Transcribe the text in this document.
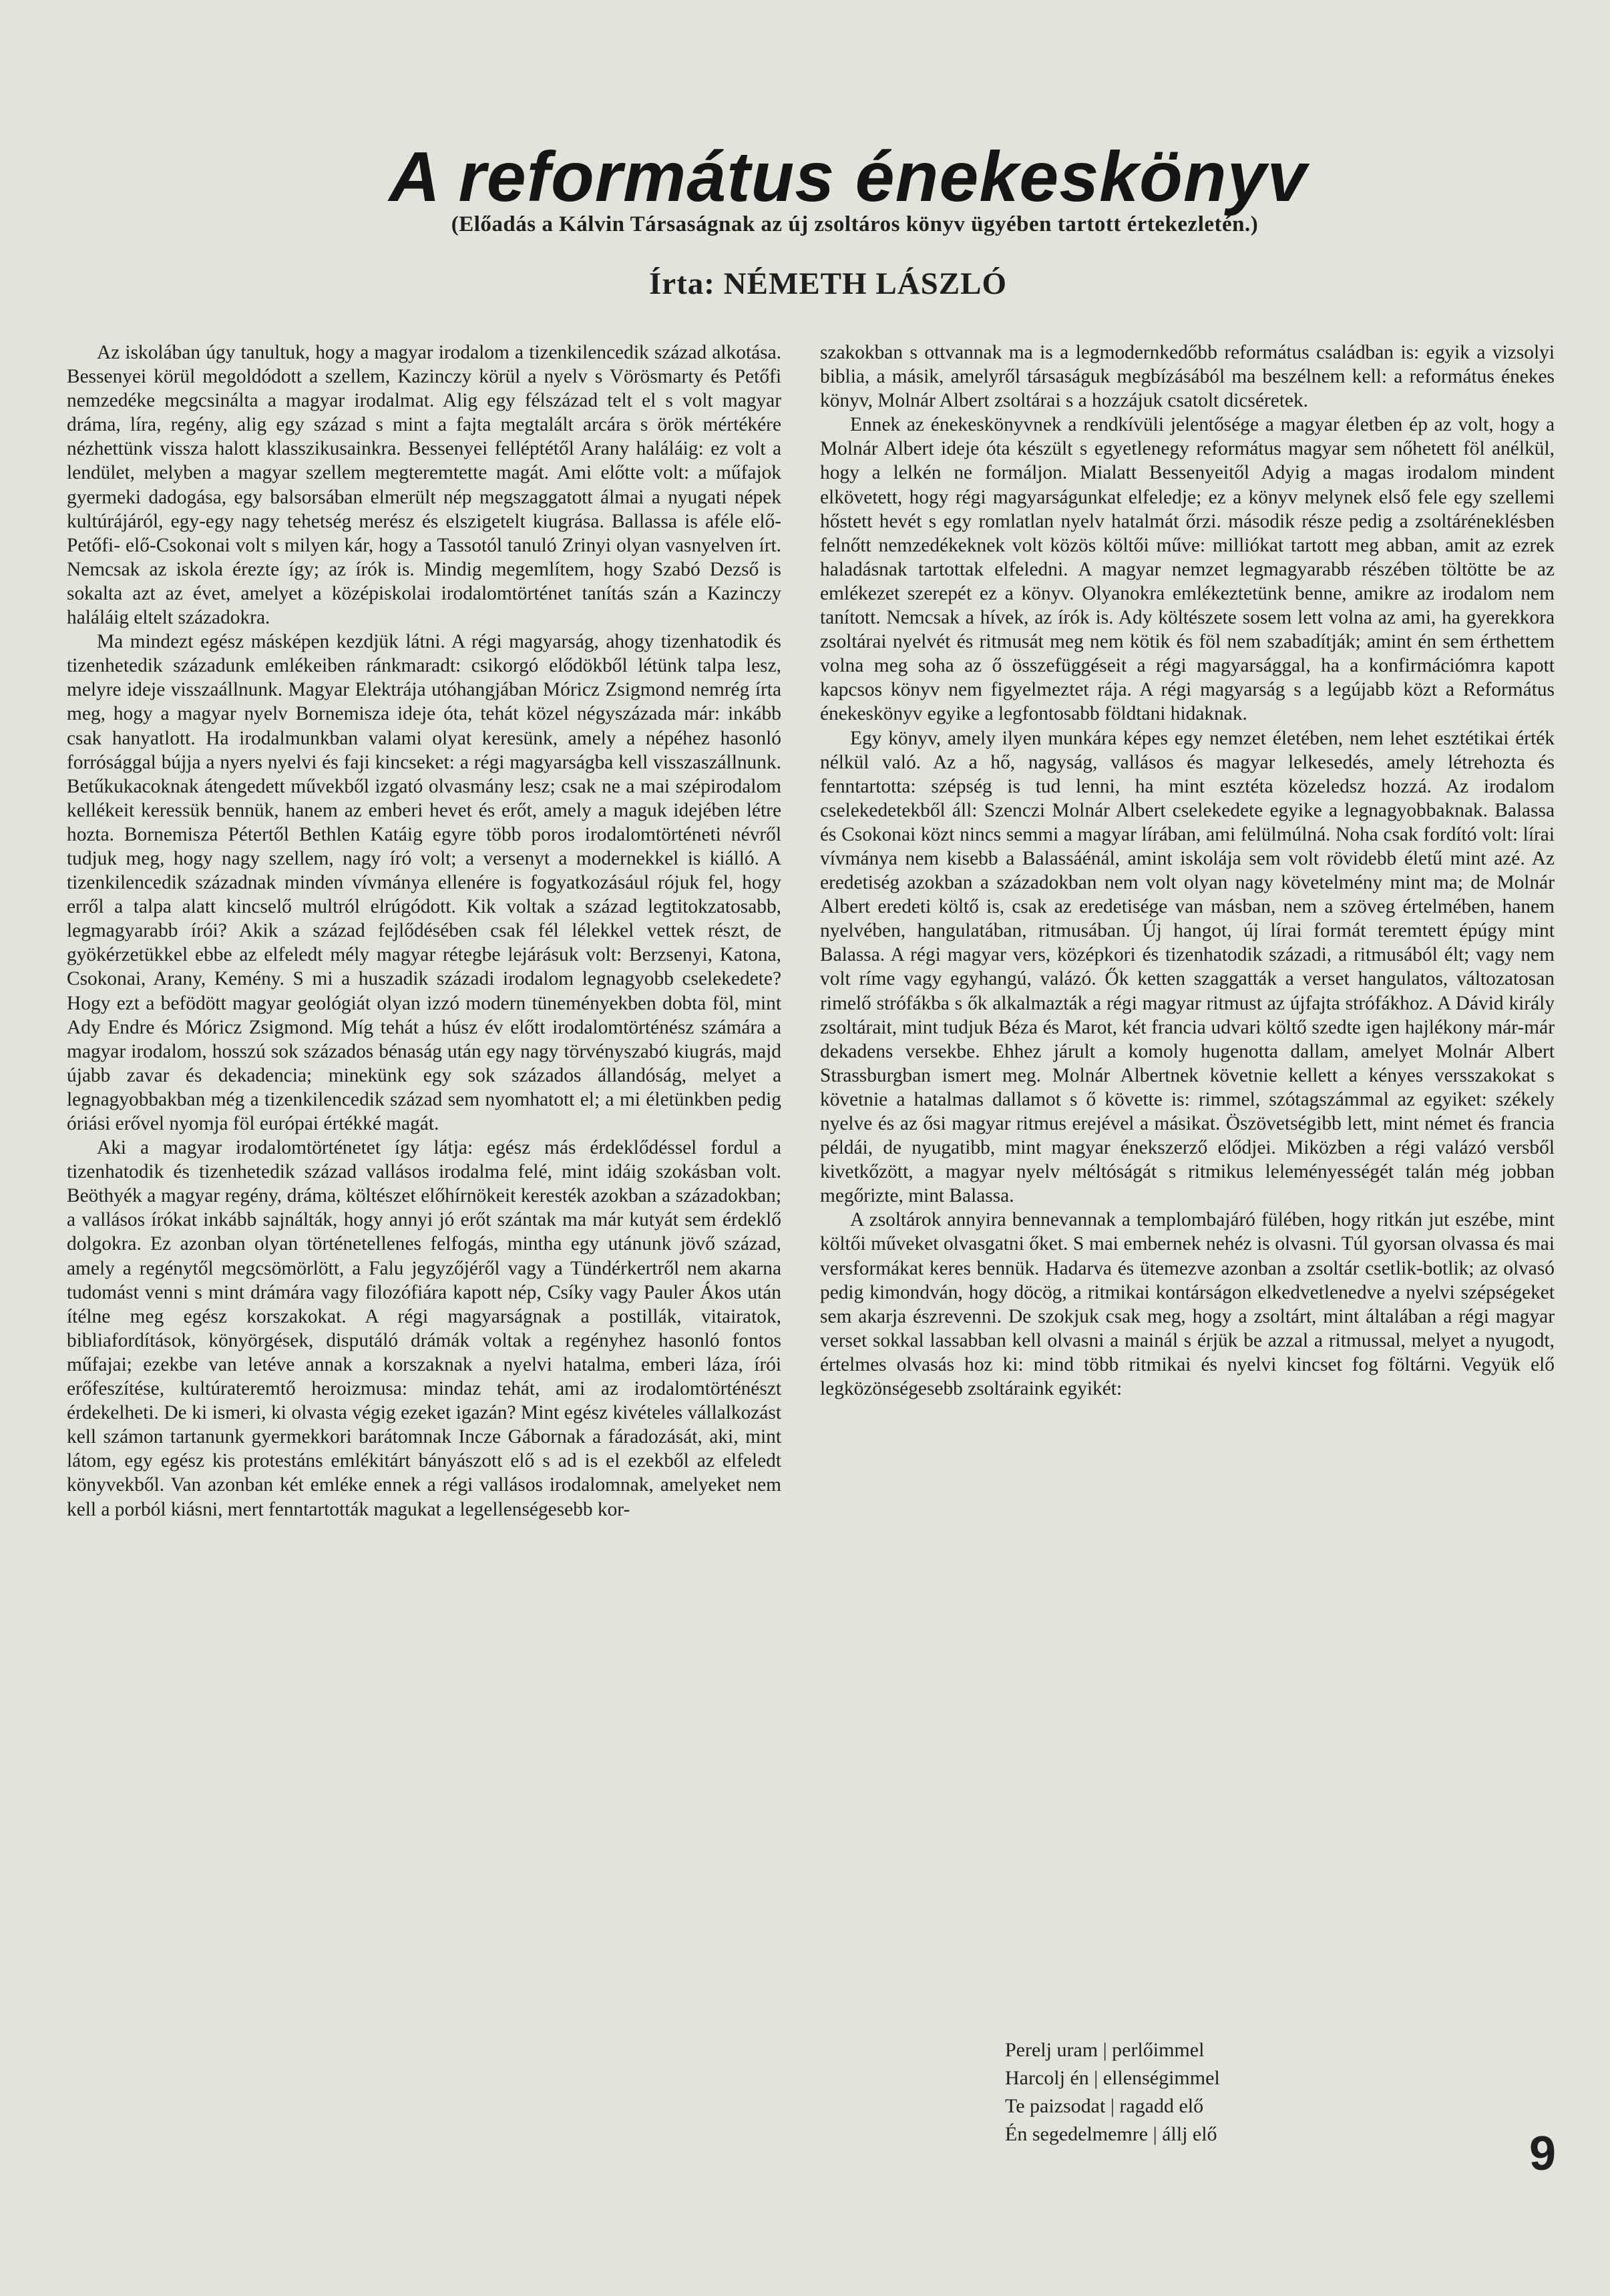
A református énekeskönyv

(Előadás a Kálvin Társaságnak az új zsoltáros könyv ügyében tartott értekezletén.)

Írta: NÉMETH LÁSZLÓ

Az iskolában úgy tanultuk, hogy a magyar irodalom a tizenkilencedik század alkotása. Bessenyei körül megoldódott a szellem, Kazinczy körül a nyelv s Vörösmarty és Petőfi nemzedéke megcsinálta a magyar irodalmat. Alig egy félszázad telt el s volt magyar dráma, líra, regény, alig egy század s mint a fajta megtalált arcára s örök mértékére nézhettünk vissza halott klasszikusainkra. Bessenyei felléptétől Arany haláláig: ez volt a lendület, melyben a magyar szellem megteremtette magát. Ami előtte volt: a műfajok gyermeki dadogása, egy balsorsában elmerült nép megszaggatott álmai a nyugati népek kultúrájáról, egy-egy nagy tehetség merész és elszigetelt kiugrása. Ballassa is aféle elő-Petőfi- elő-Csokonai volt s milyen kár, hogy a Tassotól tanuló Zrinyi olyan vasnyelven írt. Nemcsak az iskola érezte így; az írók is. Mindig megemlítem, hogy Szabó Dezső is sokalta azt az évet, amelyet a középiskolai irodalomtörténet tanítás szán a Kazinczy haláláig eltelt századokra.

Ma mindezt egész másképen kezdjük látni. A régi magyarság, ahogy tizenhatodik és tizenhetedik századunk emlékeiben ránkmaradt: csikorgó elődökből létünk talpa lesz, melyre ideje visszaállnunk. Magyar Elektrája utóhangjában Móricz Zsigmond nemrég írta meg, hogy a magyar nyelv Bornemisza ideje óta, tehát közel négyszázada már: inkább csak hanyatlott. Ha irodalmunkban valami olyat keresünk, amely a népéhez hasonló forrósággal bújja a nyers nyelvi és faji kincseket: a régi magyarságba kell visszaszállnunk. Betűkukacoknak átengedett művekből izgató olvasmány lesz; csak ne a mai szépirodalom kellékeit keressük bennük, hanem az emberi hevet és erőt, amely a maguk idejében létre hozta. Bornemisza Pétertől Bethlen Katáig egyre több poros irodalomtörténeti névről tudjuk meg, hogy nagy szellem, nagy író volt; a versenyt a modernekkel is kiálló. A tizenkilencedik századnak minden vívmánya ellenére is fogyatkozásául rójuk fel, hogy erről a talpa alatt kincselő multról elrúgódott. Kik voltak a század legtitokzatosabb, legmagyarabb írói? Akik a század fejlődésében csak fél lélekkel vettek részt, de gyökérzetükkel ebbe az elfeledt mély magyar rétegbe lejárásuk volt: Berzsenyi, Katona, Csokonai, Arany, Kemény. S mi a huszadik századi irodalom legnagyobb cselekedete? Hogy ezt a befödött magyar geológiát olyan izzó modern tüneményekben dobta föl, mint Ady Endre és Móricz Zsigmond. Míg tehát a húsz év előtt irodalomtörténész számára a magyar irodalom, hosszú sok százados bénaság után egy nagy törvényszabó kiugrás, majd újabb zavar és dekadencia; minekünk egy sok százados állandóság, melyet a legnagyobbakban még a tizenkilencedik század sem nyomhatott el; a mi életünkben pedig óriási erővel nyomja föl európai értékké magát.

Aki a magyar irodalomtörténetet így látja: egész más érdeklődéssel fordul a tizenhatodik és tizenhetedik század vallásos irodalma felé, mint idáig szokásban volt. Beöthyék a magyar regény, dráma, költészet előhírnökeit keresték azokban a századokban; a vallásos írókat inkább sajnálták, hogy annyi jó erőt szántak ma már kutyát sem érdeklő dolgokra. Ez azonban olyan történetellenes felfogás, mintha egy utánunk jövő század, amely a regénytől megcsömörlött, a Falu jegyzőjéről vagy a Tündérkertről nem akarna tudomást venni s mint drámára vagy filozófiára kapott nép, Csíky vagy Pauler Ákos után ítélne meg egész korszakokat. A régi magyarságnak a postillák, vitairatok, bibliafordítások, könyörgések, disputáló drámák voltak a regényhez hasonló fontos műfajai; ezekbe van letéve annak a korszaknak a nyelvi hatalma, emberi láza, írói erőfeszítése, kultúrateremtő heroizmusa: mindaz tehát, ami az irodalomtörténészt érdekelheti. De ki ismeri, ki olvasta végig ezeket igazán? Mint egész kivételes vállalkozást kell számon tartanunk gyermekkori barátomnak Incze Gábornak a fáradozását, aki, mint látom, egy egész kis protestáns emlékitárt bányászott elő s ad is el ezekből az elfeledt könyvekből. Van azonban két emléke ennek a régi vallásos irodalomnak, amelyeket nem kell a porból kiásni, mert fenntartották magukat a legellenségesebb kor-

szakokban s ottvannak ma is a legmodernkedőbb református családban is: egyik a vizsolyi biblia, a másik, amelyről társaságuk megbízásából ma beszélnem kell: a református énekes könyv, Molnár Albert zsoltárai s a hozzájuk csatolt dicséretek.

Ennek az énekeskönyvnek a rendkívüli jelentősége a magyar életben ép az volt, hogy a Molnár Albert ideje óta készült s egyetlenegy református magyar sem nőhetett föl anélkül, hogy a lelkén ne formáljon. Mialatt Bessenyeitől Adyig a magas irodalom mindent elkövetett, hogy régi magyarságunkat elfeledje; ez a könyv melynek első fele egy szellemi hőstett hevét s egy romlatlan nyelv hatalmát őrzi. második része pedig a zsoltáréneklésben felnőtt nemzedékeknek volt közös költői műve: milliókat tartott meg abban, amit az ezrek haladásnak tartottak elfeledni. A magyar nemzet legmagyarabb részében töltötte be az emlékezet szerepét ez a könyv. Olyanokra emlékeztetünk benne, amikre az irodalom nem tanított. Nemcsak a hívek, az írók is. Ady költészete sosem lett volna az ami, ha gyerekkora zsoltárai nyelvét és ritmusát meg nem kötik és föl nem szabadítják; amint én sem érthettem volna meg soha az ő összefüggéseit a régi magyarsággal, ha a konfirmációmra kapott kapcsos könyv nem figyelmeztet rája. A régi magyarság s a legújabb közt a Református énekeskönyv egyike a legfontosabb földtani hidaknak.

Egy könyv, amely ilyen munkára képes egy nemzet életében, nem lehet esztétikai érték nélkül való. Az a hő, nagyság, vallásos és magyar lelkesedés, amely létrehozta és fenntartotta: szépség is tud lenni, ha mint esztéta közeledsz hozzá. Az irodalom cselekedetekből áll: Szenczi Molnár Albert cselekedete egyike a legnagyobbaknak. Balassa és Csokonai közt nincs semmi a magyar lírában, ami felülmúlná. Noha csak fordító volt: lírai vívmánya nem kisebb a Balassáénál, amint iskolája sem volt rövidebb életű mint azé. Az eredetiség azokban a századokban nem volt olyan nagy követelmény mint ma; de Molnár Albert eredeti költő is, csak az eredetisége van másban, nem a szöveg értelmében, hanem nyelvében, hangulatában, ritmusában. Új hangot, új lírai formát teremtett épúgy mint Balassa. A régi magyar vers, középkori és tizenhatodik századi, a ritmusából élt; vagy nem volt ríme vagy egyhangú, valázó. Ők ketten szaggatták a verset hangulatos, változatosan rimelő strófákba s ők alkalmazták a régi magyar ritmust az újfajta strófákhoz. A Dávid király zsoltárait, mint tudjuk Béza és Marot, két francia udvari költő szedte igen hajlékony már-már dekadens versekbe. Ehhez járult a komoly hugenotta dallam, amelyet Molnár Albert Strassburgban ismert meg. Molnár Albertnek követnie kellett a kényes versszakokat s követnie a hatalmas dallamot s ő követte is: rimmel, szótagszámmal az egyiket: székely nyelve és az ősi magyar ritmus erejével a másikat. Öszövetségibb lett, mint német és francia példái, de nyugatibb, mint magyar énekszerző elődjei. Miközben a régi valázó versből kivetkőzött, a magyar nyelv méltóságát s ritmikus leleményességét talán még jobban megőrizte, mint Balassa.

A zsoltárok annyira bennevannak a templombajáró fülében, hogy ritkán jut eszébe, mint költői műveket olvasgatni őket. S mai embernek nehéz is olvasni. Túl gyorsan olvassa és mai versformákat keres bennük. Hadarva és ütemezve azonban a zsoltár csetlik-botlik; az olvasó pedig kimondván, hogy döcög, a ritmikai kontárságon elkedvetlenedve a nyelvi szépségeket sem akarja észrevenni. De szokjuk csak meg, hogy a zsoltárt, mint általában a régi magyar verset sokkal lassabban kell olvasni a mainál s érjük be azzal a ritmussal, melyet a nyugodt, értelmes olvasás hoz ki: mind több ritmikai és nyelvi kincset fog föltárni. Vegyük elő legközönségesebb zsoltáraink egyikét:

Perelj uram | perlőimmel
Harcolj én | ellenségimmel
Te paizsodat | ragadd elő
Én segedelmemre | állj elő	9
